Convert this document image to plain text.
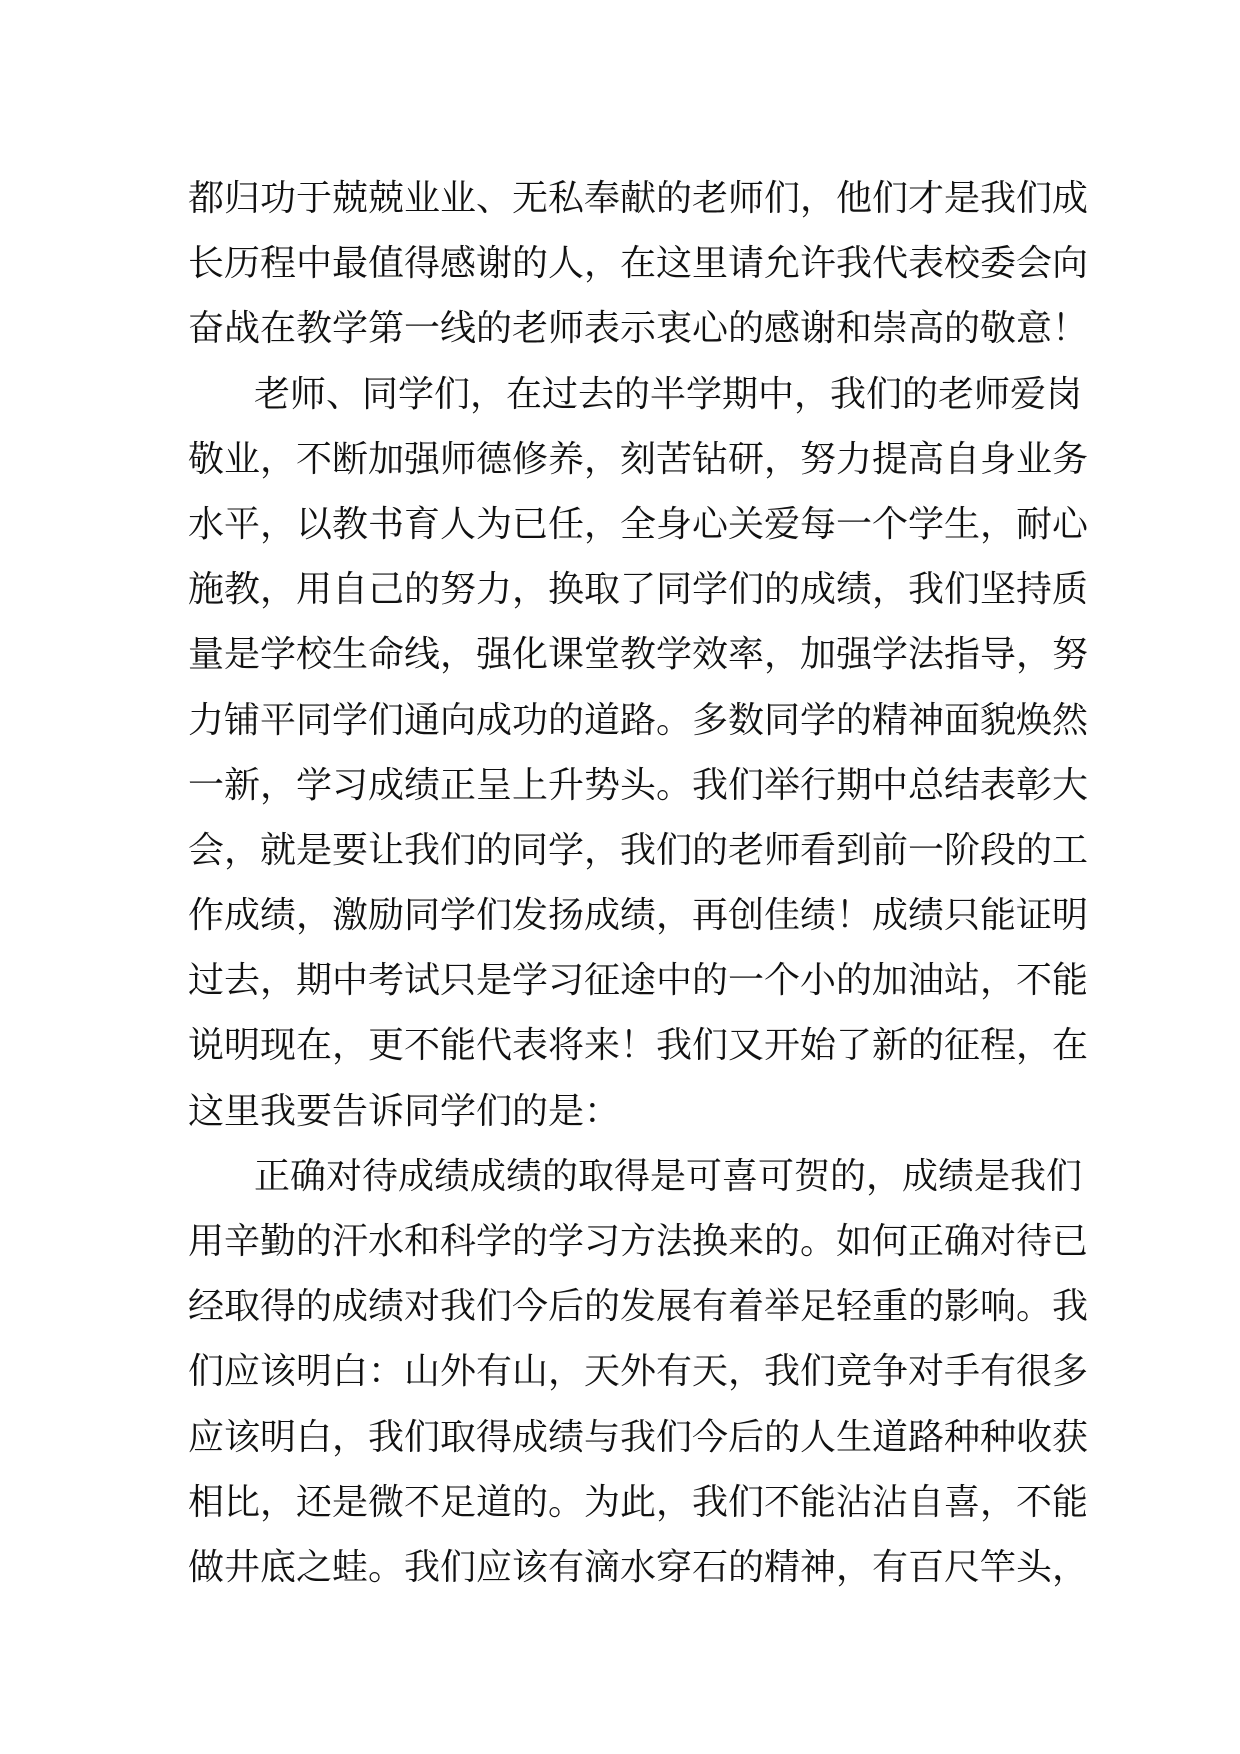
都归功于兢兢业业、无私奉献的老师们，他们才是我们成
长历程中最值得感谢的人，在这里请允许我代表校委会向
奋战在教学第一线的老师表示衷心的感谢和崇高的敬意！
老师、同学们，在过去的半学期中，我们的老师爱岗
敬业，不断加强师德修养，刻苦钻研，努力提高自身业务
水平，以教书育人为已任，全身心关爱每一个学生，耐心
施教，用自己的努力，换取了同学们的成绩，我们坚持质
量是学校生命线，强化课堂教学效率，加强学法指导，努
力铺平同学们通向成功的道路。多数同学的精神面貌焕然
一新，学习成绩正呈上升势头。我们举行期中总结表彰大
会，就是要让我们的同学，我们的老师看到前一阶段的工
作成绩，激励同学们发扬成绩，再创佳绩！成绩只能证明
过去，期中考试只是学习征途中的一个小的加油站，不能
说明现在，更不能代表将来！我们又开始了新的征程，在
这里我要告诉同学们的是：
正确对待成绩成绩的取得是可喜可贺的，成绩是我们
用辛勤的汗水和科学的学习方法换来的。如何正确对待已
经取得的成绩对我们今后的发展有着举足轻重的影响。我
们应该明白：山外有山，天外有天，我们竞争对手有很多
应该明白，我们取得成绩与我们今后的人生道路种种收获
相比，还是微不足道的。为此，我们不能沾沾自喜，不能
做井底之蛙。我们应该有滴水穿石的精神，有百尺竿头，
